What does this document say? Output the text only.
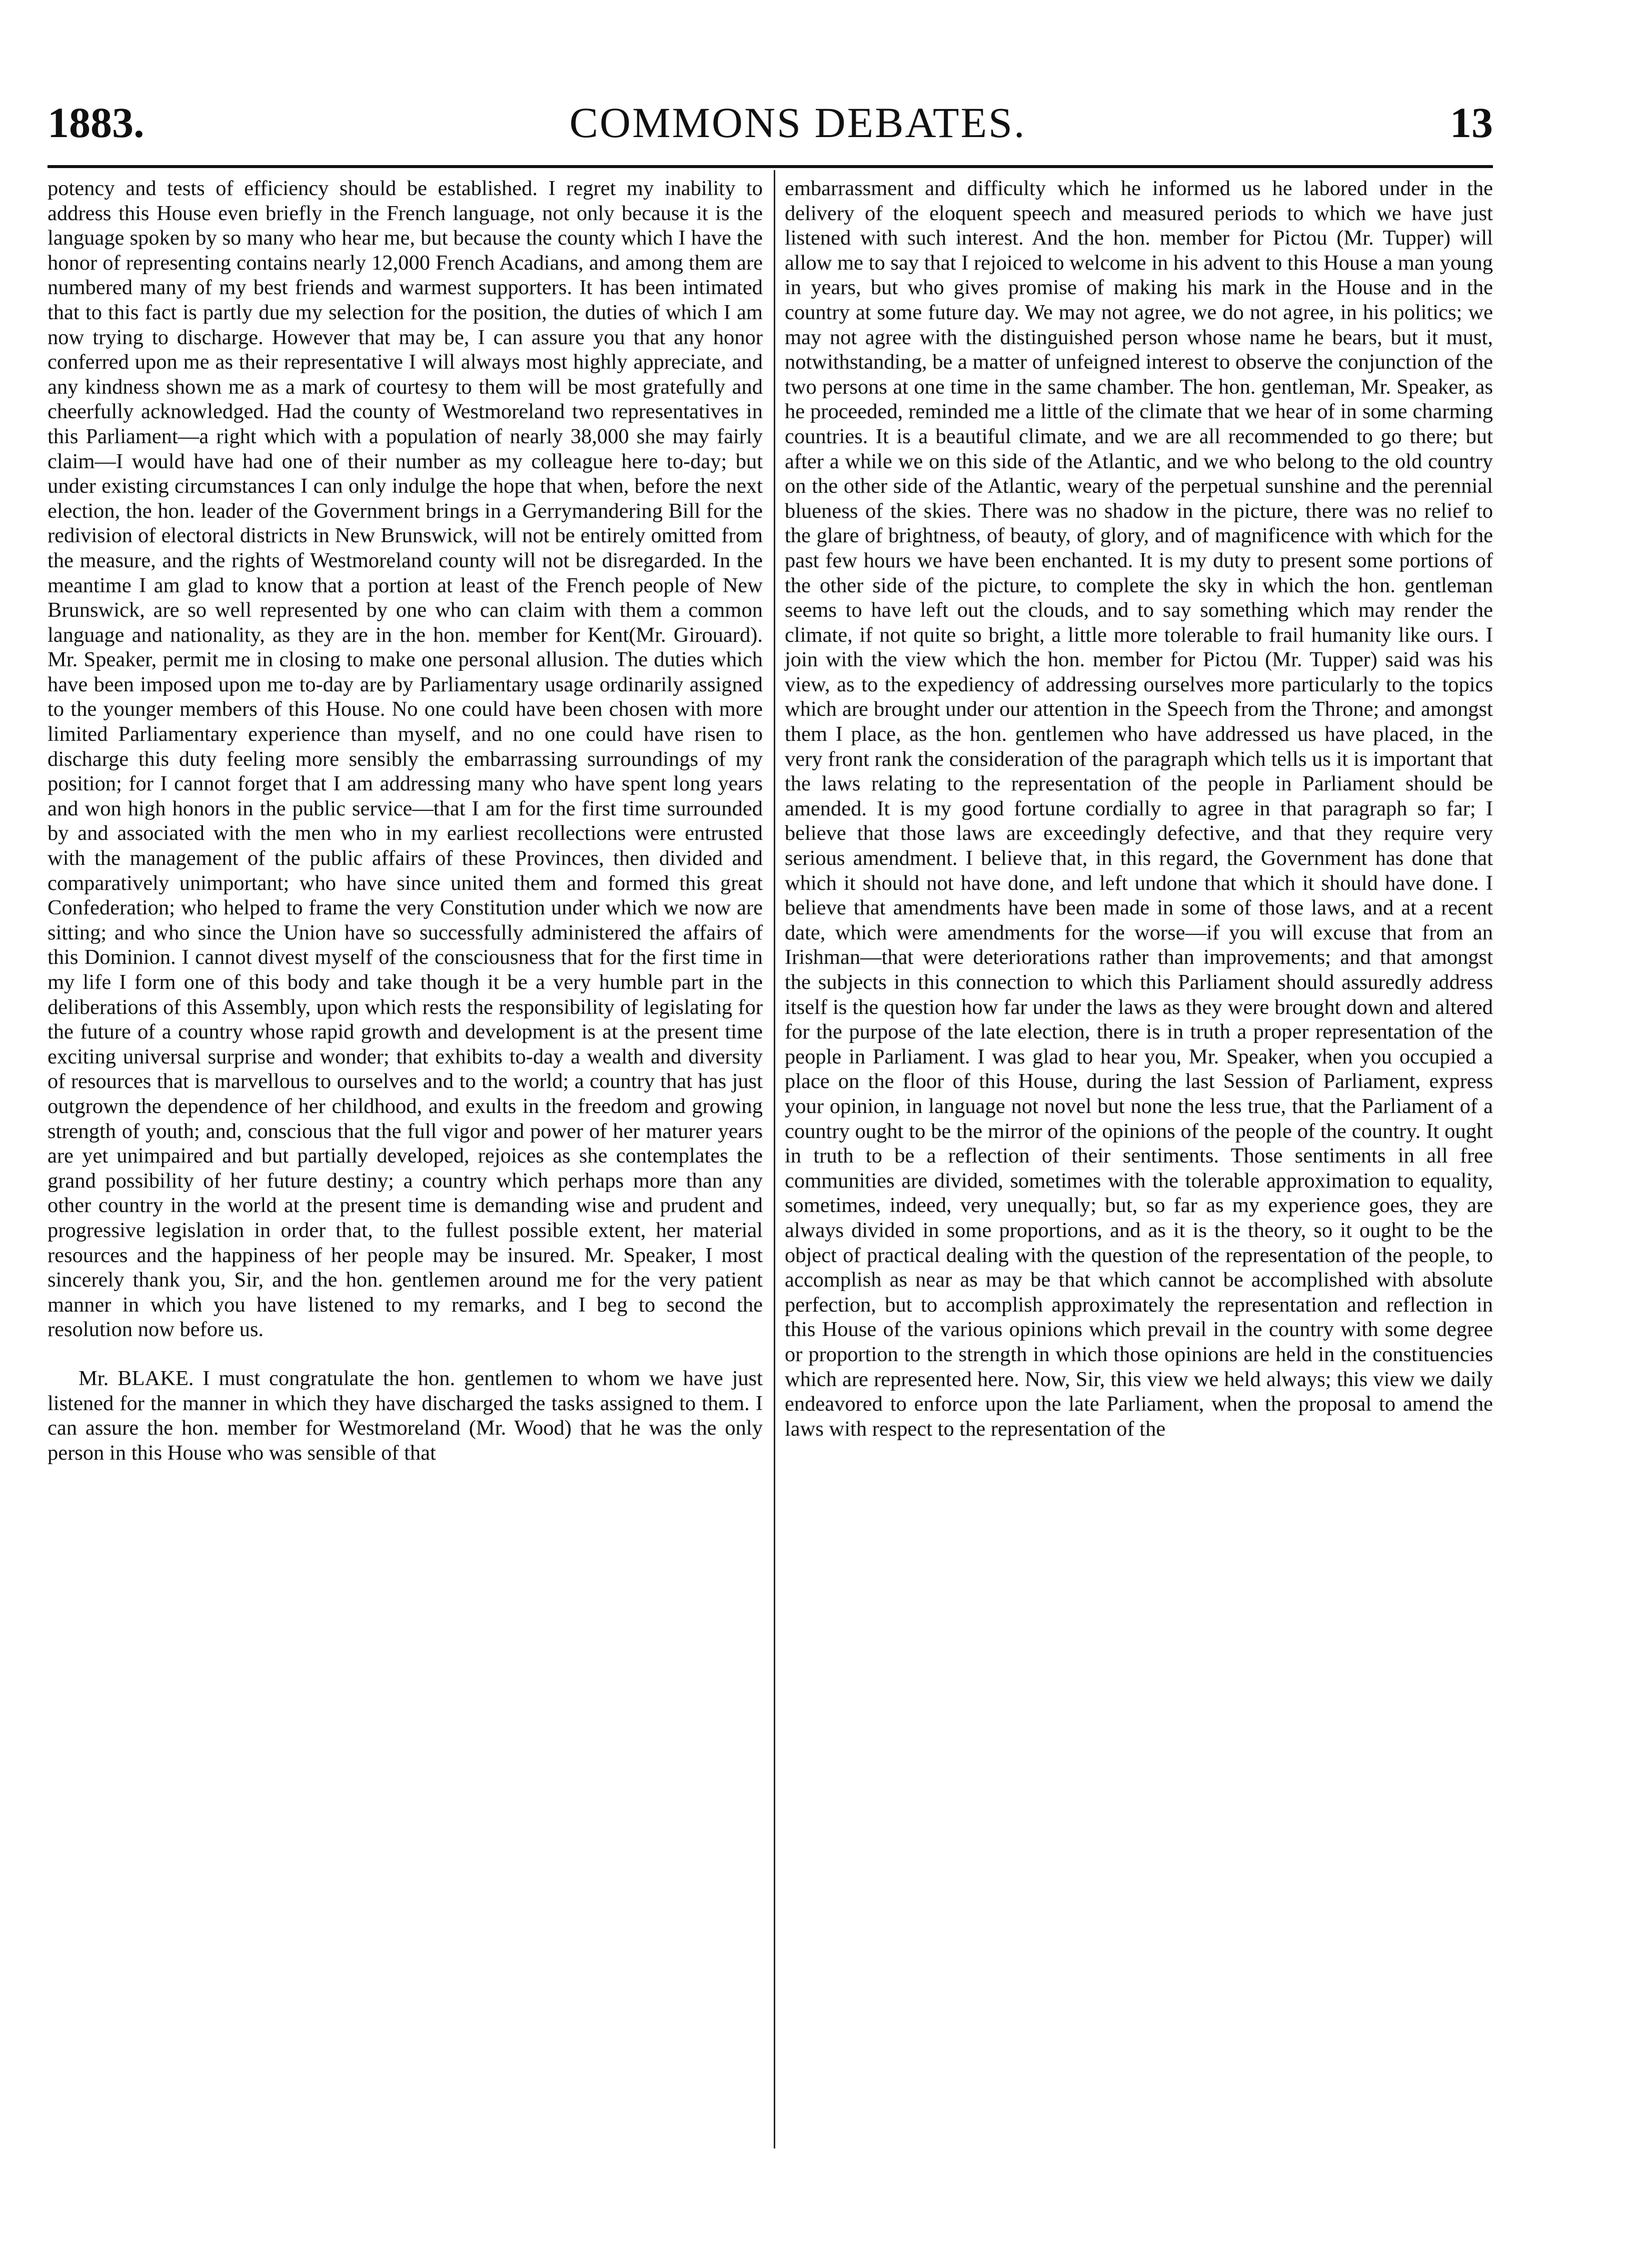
1883.	COMMONS DEBATES.	13

potency and tests of efficiency should be established. I regret my inability to address this House even briefly in the French language, not only because it is the language spoken by so many who hear me, but because the county which I have the honor of representing contains nearly 12,000 French Acadians, and among them are numbered many of my best friends and warmest supporters. It has been intimated that to this fact is partly due my selection for the position, the duties of which I am now trying to discharge. However that may be, I can assure you that any honor conferred upon me as their representative I will always most highly appreciate, and any kindness shown me as a mark of courtesy to them will be most gratefully and cheerfully acknowledged. Had the county of Westmoreland two representatives in this Parliament—a right which with a population of nearly 38,000 she may fairly claim—I would have had one of their number as my colleague here to-day; but under existing circumstances I can only indulge the hope that when, before the next election, the hon. leader of the Government brings in a Gerrymandering Bill for the redivision of electoral districts in New Brunswick, will not be entirely omitted from the measure, and the rights of Westmoreland county will not be disregarded. In the meantime I am glad to know that a portion at least of the French people of New Brunswick, are so well represented by one who can claim with them a common language and nationality, as they are in the hon. member for Kent(Mr. Girouard). Mr. Speaker, permit me in closing to make one personal allusion. The duties which have been imposed upon me to-day are by Parliamentary usage ordinarily assigned to the younger members of this House. No one could have been chosen with more limited Parliamentary experience than myself, and no one could have risen to discharge this duty feeling more sensibly the embarrassing surroundings of my position; for I cannot forget that I am addressing many who have spent long years and won high honors in the public service—that I am for the first time surrounded by and associated with the men who in my earliest recollections were entrusted with the management of the public affairs of these Provinces, then divided and comparatively unimportant; who have since united them and formed this great Confederation; who helped to frame the very Constitution under which we now are sitting; and who since the Union have so successfully administered the affairs of this Dominion. I cannot divest myself of the consciousness that for the first time in my life I form one of this body and take though it be a very humble part in the deliberations of this Assembly, upon which rests the responsibility of legislating for the future of a country whose rapid growth and development is at the present time exciting universal surprise and wonder; that exhibits to-day a wealth and diversity of resources that is marvellous to ourselves and to the world; a country that has just outgrown the dependence of her childhood, and exults in the freedom and growing strength of youth; and, conscious that the full vigor and power of her maturer years are yet unimpaired and but partially developed, rejoices as she contemplates the grand possibility of her future destiny; a country which perhaps more than any other country in the world at the present time is demanding wise and prudent and progressive legislation in order that, to the fullest possible extent, her material resources and the happiness of her people may be insured. Mr. Speaker, I most sincerely thank you, Sir, and the hon. gentlemen around me for the very patient manner in which you have listened to my remarks, and I beg to second the resolution now before us.

Mr. BLAKE. I must congratulate the hon. gentlemen to whom we have just listened for the manner in which they have discharged the tasks assigned to them. I can assure the hon. member for Westmoreland (Mr. Wood) that he was the only person in this House who was sensible of that

embarrassment and difficulty which he informed us he labored under in the delivery of the eloquent speech and measured periods to which we have just listened with such interest. And the hon. member for Pictou (Mr. Tupper) will allow me to say that I rejoiced to welcome in his advent to this House a man young in years, but who gives promise of making his mark in the House and in the country at some future day. We may not agree, we do not agree, in his politics; we may not agree with the distinguished person whose name he bears, but it must, notwithstanding, be a matter of unfeigned interest to observe the conjunction of the two persons at one time in the same chamber. The hon. gentleman, Mr. Speaker, as he proceeded, reminded me a little of the climate that we hear of in some charming countries. It is a beautiful climate, and we are all recommended to go there; but after a while we on this side of the Atlantic, and we who belong to the old country on the other side of the Atlantic, weary of the perpetual sunshine and the perennial blueness of the skies. There was no shadow in the picture, there was no relief to the glare of brightness, of beauty, of glory, and of magnificence with which for the past few hours we have been enchanted. It is my duty to present some portions of the other side of the picture, to complete the sky in which the hon. gentleman seems to have left out the clouds, and to say something which may render the climate, if not quite so bright, a little more tolerable to frail humanity like ours. I join with the view which the hon. member for Pictou (Mr. Tupper) said was his view, as to the expediency of addressing ourselves more particularly to the topics which are brought under our attention in the Speech from the Throne; and amongst them I place, as the hon. gentlemen who have addressed us have placed, in the very front rank the consideration of the paragraph which tells us it is important that the laws relating to the representation of the people in Parliament should be amended. It is my good fortune cordially to agree in that paragraph so far; I believe that those laws are exceedingly defective, and that they require very serious amendment. I believe that, in this regard, the Government has done that which it should not have done, and left undone that which it should have done. I believe that amendments have been made in some of those laws, and at a recent date, which were amendments for the worse—if you will excuse that from an Irishman—that were deteriorations rather than improvements; and that amongst the subjects in this connection to which this Parliament should assuredly address itself is the question how far under the laws as they were brought down and altered for the purpose of the late election, there is in truth a proper representation of the people in Parliament. I was glad to hear you, Mr. Speaker, when you occupied a place on the floor of this House, during the last Session of Parliament, express your opinion, in language not novel but none the less true, that the Parliament of a country ought to be the mirror of the opinions of the people of the country. It ought in truth to be a reflection of their sentiments. Those sentiments in all free communities are divided, sometimes with the tolerable approximation to equality, sometimes, indeed, very unequally; but, so far as my experience goes, they are always divided in some proportions, and as it is the theory, so it ought to be the object of practical dealing with the question of the representation of the people, to accomplish as near as may be that which cannot be accomplished with absolute perfection, but to accomplish approximately the representation and reflection in this House of the various opinions which prevail in the country with some degree or proportion to the strength in which those opinions are held in the constituencies which are represented here. Now, Sir, this view we held always; this view we daily endeavored to enforce upon the late Parliament, when the proposal to amend the laws with respect to the representation of the
